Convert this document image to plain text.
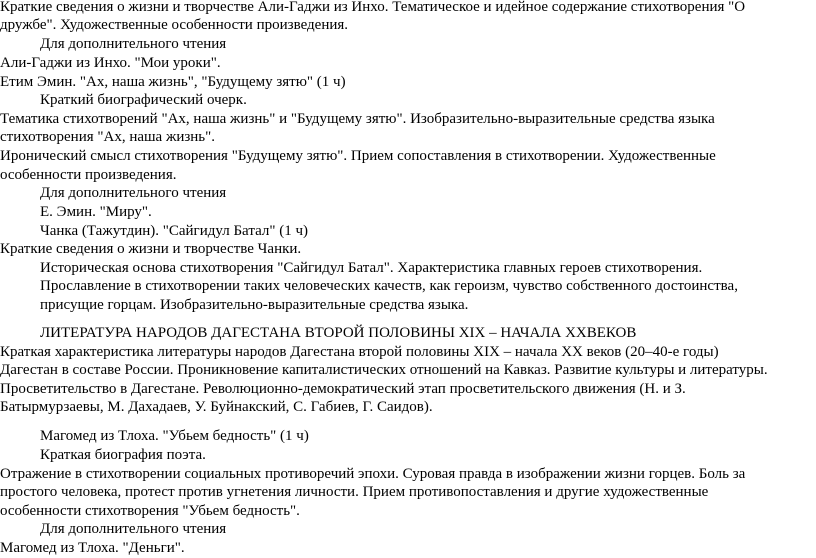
Краткие сведения о жизни и творчестве Али-Гаджи из Инхо. Тематическое и идейное содержание стихотворения "О
дружбе". Художественные особенности произведения.
Для дополнительного чтения
Али-Гаджи из Инхо. "Мои уроки".
Етим Эмин. "Ах, наша жизнь", "Будущему зятю" (1 ч)
Краткий биографический очерк.
Тематика стихотворений "Ах, наша жизнь" и "Будущему зятю". Изобразительно-выразительные средства языка
стихотворения "Ах, наша жизнь".
Иронический смысл стихотворения "Будущему зятю". Прием сопоставления в стихотворении. Художественные
особенности произведения.
Для дополнительного чтения
Е. Эмин. "Миру".
Чанка (Тажутдин). "Сайгидул Батал" (1 ч)
Краткие сведения о жизни и творчестве Чанки.
Историческая основа стихотворения "Сайгидул Батал". Характеристика главных героев стихотворения.
Прославление в стихотворении таких человеческих качеств, как героизм, чувство собственного достоинства,
присущие горцам. Изобразительно-выразительные средства языка.
ЛИТЕРАТУРА НАРОДОВ ДАГЕСТАНА ВТОРОЙ ПОЛОВИНЫ XIX – НАЧАЛА XXВЕКОВ
Краткая характеристика литературы народов Дагестана второй половины XIX – начала XX веков (20–40-е годы)
Дагестан в составе России. Проникновение капиталистических отношений на Кавказ. Развитие культуры и литературы.
Просветительство в Дагестане. Революционно-демократический этап просветительского движения (Н. и З.
Батырмурзаевы, М. Дахадаев, У. Буйнакский, С. Габиев, Г. Саидов).
Магомед из Тлоха. "Убьем бедность" (1 ч)
Краткая биография поэта.
Отражение в стихотворении социальных противоречий эпохи. Суровая правда в изображении жизни горцев. Боль за
простого человека, протест против угнетения личности. Прием противопоставления и другие художественные
особенности стихотворения "Убьем бедность".
Для дополнительного чтения
Магомед из Тлоха. "Деньги".
